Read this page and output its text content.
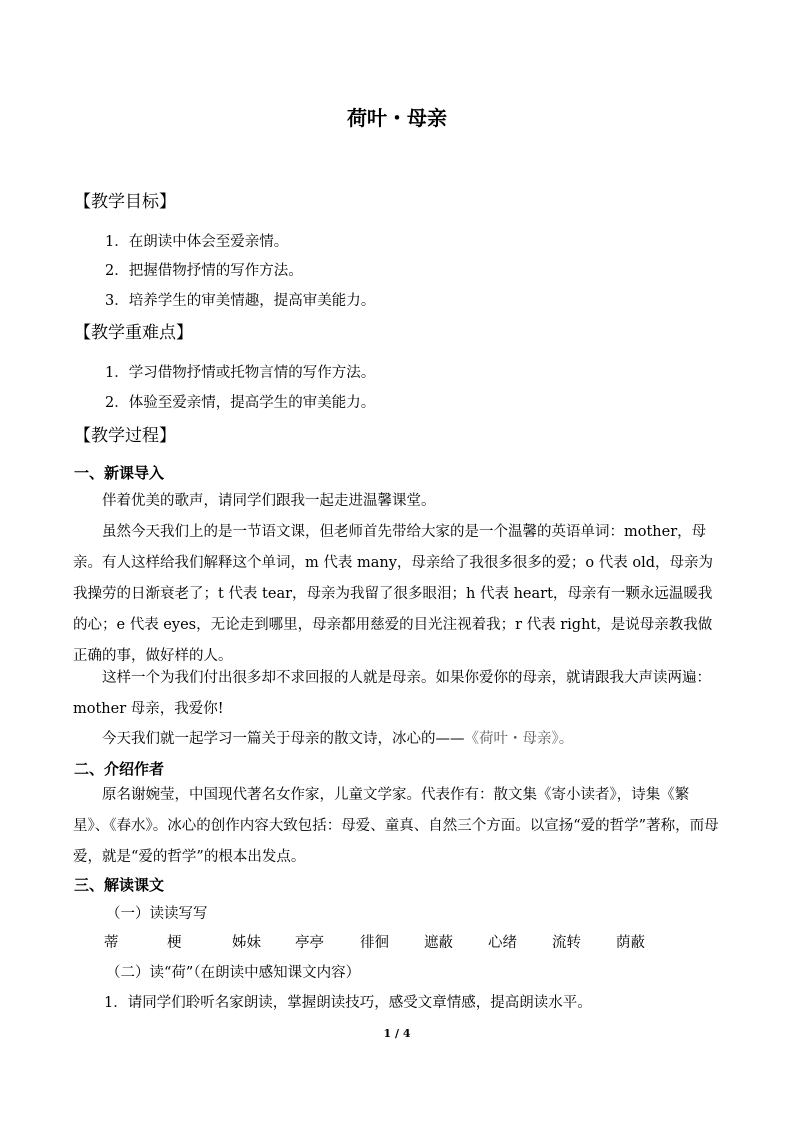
荷叶・母亲
【教学目标】
1．在朗读中体会至爱亲情。
2．把握借物抒情的写作方法。
3．培养学生的审美情趣，提高审美能力。
【教学重难点】
1．学习借物抒情或托物言情的写作方法。
2．体验至爱亲情，提高学生的审美能力。
【教学过程】
一、新课导入

伴着优美的歌声，请同学们跟我一起走进温馨课堂。

虽然今天我们上的是一节语文课，但老师首先带给大家的是一个温馨的英语单词：mother，母亲。有人这样给我们解释这个单词，m 代表 many，母亲给了我很多很多的爱；o 代表 old，母亲为我操劳的日渐衰老了；t 代表 tear，母亲为我留了很多眼泪；h 代表 heart，母亲有一颗永远温暖我的心；e 代表 eyes，无论走到哪里，母亲都用慈爱的目光注视着我；r 代表 right，是说母亲教我做正确的事，做好样的人。

这样一个为我们付出很多却不求回报的人就是母亲。如果你爱你的母亲，就请跟我大声读两遍：mother 母亲，我爱你!

今天我们就一起学习一篇关于母亲的散文诗，冰心的——《荷叶・母亲》。
二、介绍作者

原名谢婉莹，中国现代著名女作家，儿童文学家。代表作有：散文集《寄小读者》，诗集《繁星》、《春水》。冰心的创作内容大致包括：母爱、童真、自然三个方面。以宣扬“爱的哲学”著称，而母爱，就是“爱的哲学”的根本出发点。

三、解读课文
（一）读读写写
蒂	梗	姊妹 亭亭 徘徊 遮蔽 心绪 流转 荫蔽
（二）读“荷”（在朗读中感知课文内容）
1．请同学们聆听名家朗读，掌握朗读技巧，感受文章情感，提高朗读水平。
1 / 4
